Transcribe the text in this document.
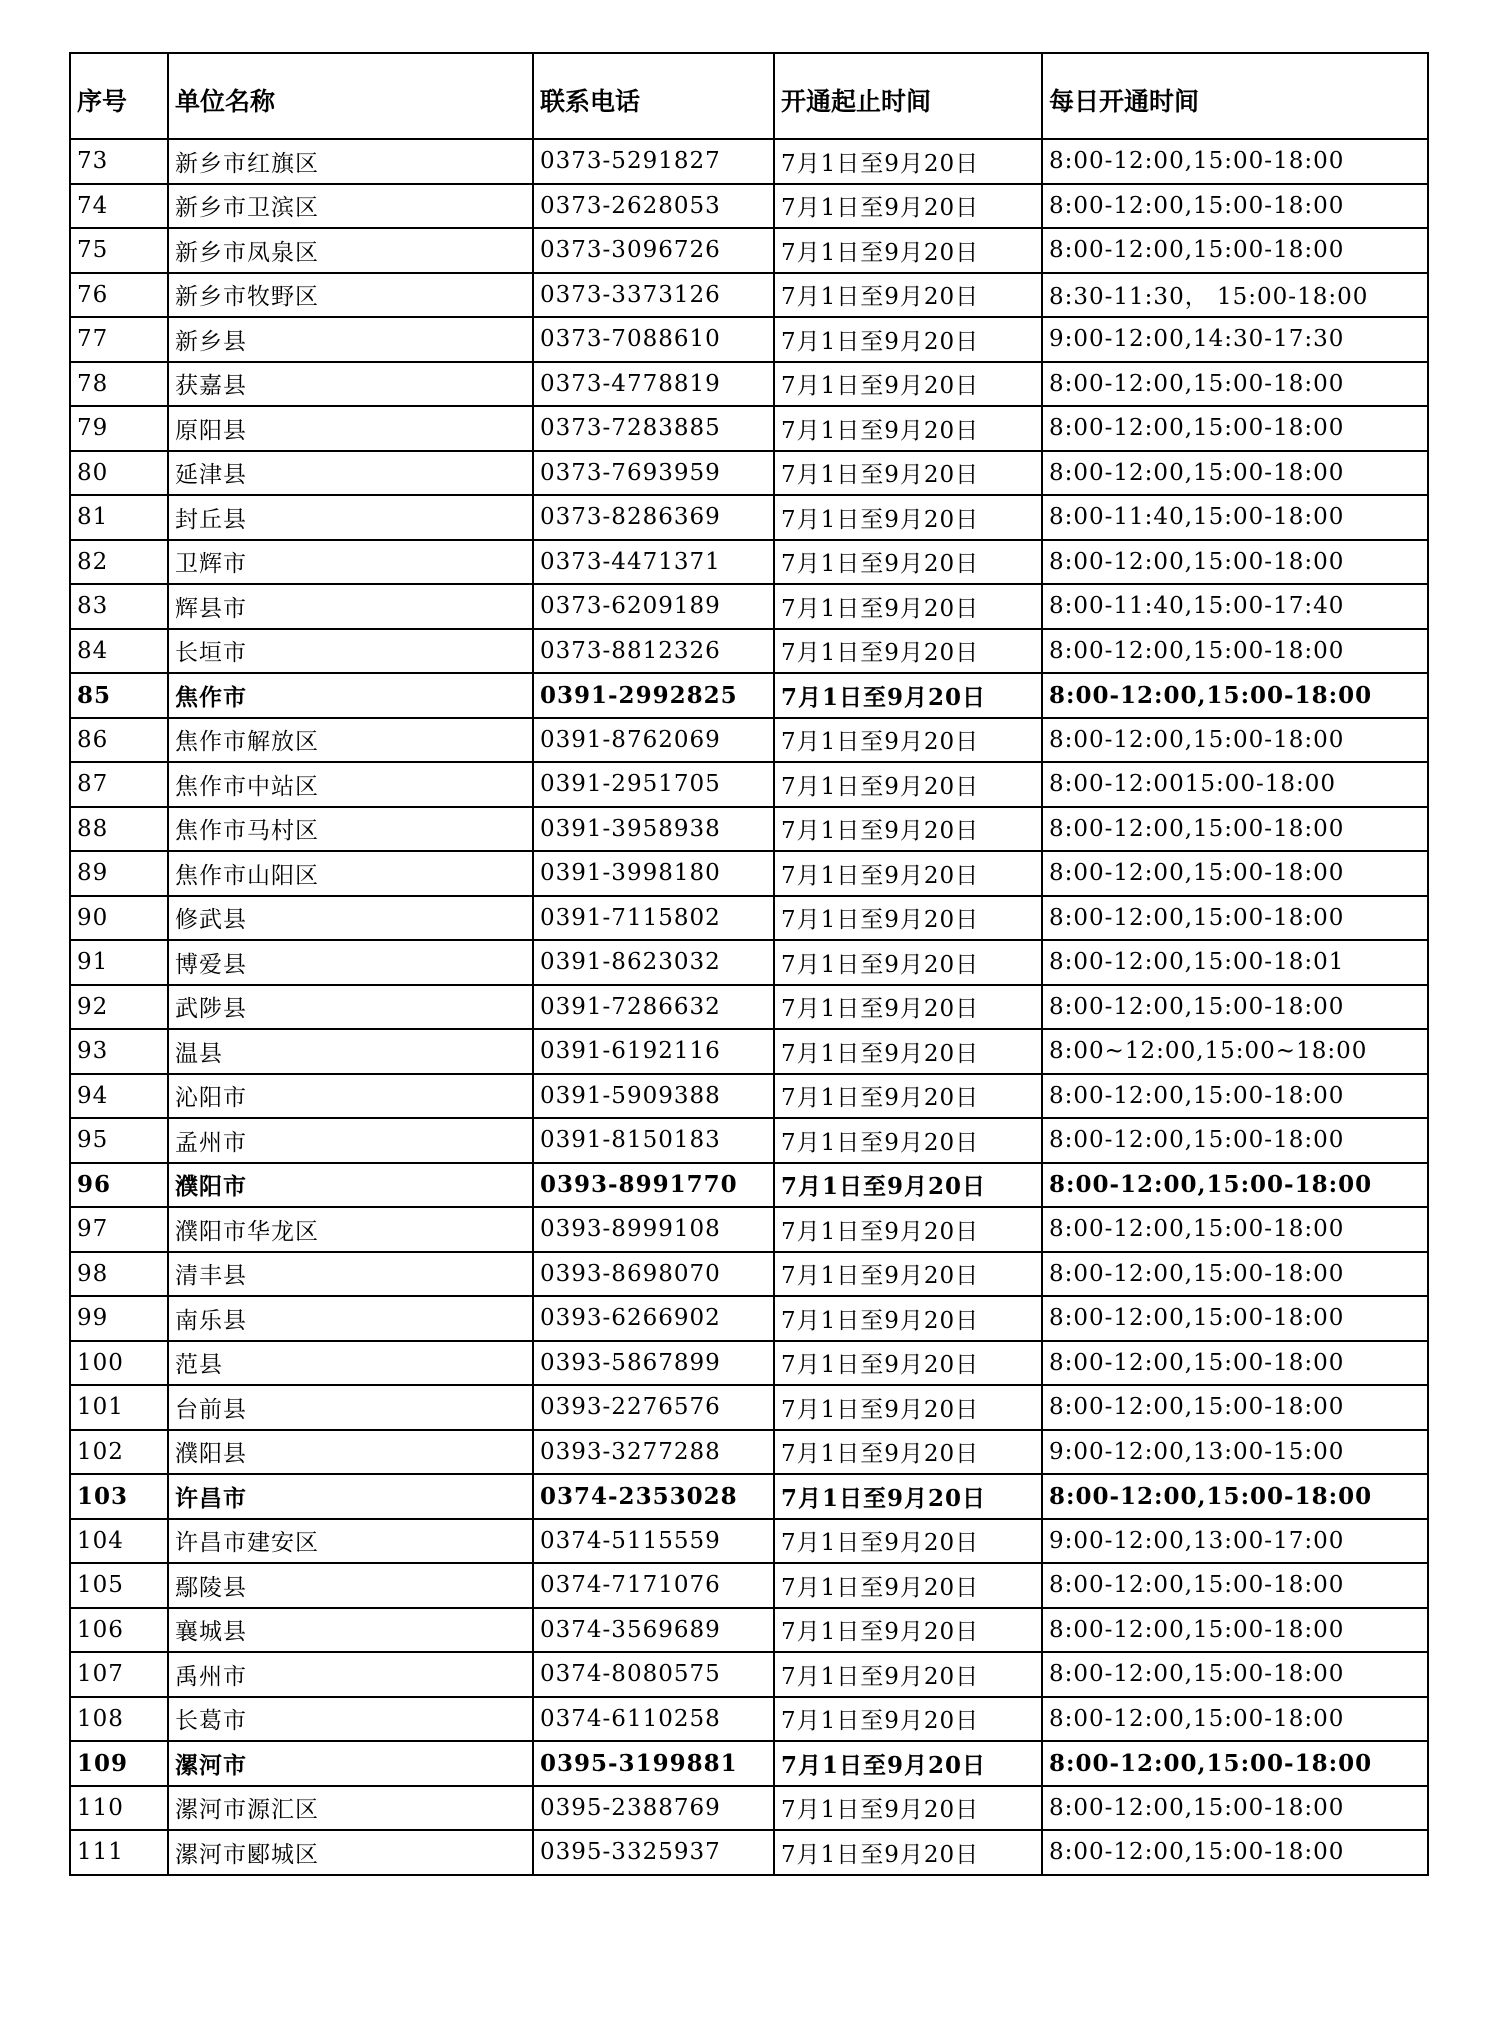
序号	单位名称	联系电话	开通起止时间	每日开通时间
73	新乡市红旗区	0373-5291827	7月1日至9月20日	8:00-12:00,15:00-18:00
74	新乡市卫滨区	0373-2628053	7月1日至9月20日	8:00-12:00,15:00-18:00
75	新乡市凤泉区	0373-3096726	7月1日至9月20日	8:00-12:00,15:00-18:00
76	新乡市牧野区	0373-3373126	7月1日至9月20日	8:30-11:30， 15:00-18:00
77	新乡县	0373-7088610	7月1日至9月20日	9:00-12:00,14:30-17:30
78	获嘉县	0373-4778819	7月1日至9月20日	8:00-12:00,15:00-18:00
79	原阳县	0373-7283885	7月1日至9月20日	8:00-12:00,15:00-18:00
80	延津县	0373-7693959	7月1日至9月20日	8:00-12:00,15:00-18:00
81	封丘县	0373-8286369	7月1日至9月20日	8:00-11:40,15:00-18:00
82	卫辉市	0373-4471371	7月1日至9月20日	8:00-12:00,15:00-18:00
83	辉县市	0373-6209189	7月1日至9月20日	8:00-11:40,15:00-17:40
84	长垣市	0373-8812326	7月1日至9月20日	8:00-12:00,15:00-18:00
85	焦作市	0391-2992825	7月1日至9月20日	8:00-12:00,15:00-18:00
86	焦作市解放区	0391-8762069	7月1日至9月20日	8:00-12:00,15:00-18:00
87	焦作市中站区	0391-2951705	7月1日至9月20日	8:00-12:0015:00-18:00
88	焦作市马村区	0391-3958938	7月1日至9月20日	8:00-12:00,15:00-18:00
89	焦作市山阳区	0391-3998180	7月1日至9月20日	8:00-12:00,15:00-18:00
90	修武县	0391-7115802	7月1日至9月20日	8:00-12:00,15:00-18:00
91	博爱县	0391-8623032	7月1日至9月20日	8:00-12:00,15:00-18:01
92	武陟县	0391-7286632	7月1日至9月20日	8:00-12:00,15:00-18:00
93	温县	0391-6192116	7月1日至9月20日	8:00~12:00,15:00~18:00
94	沁阳市	0391-5909388	7月1日至9月20日	8:00-12:00,15:00-18:00
95	孟州市	0391-8150183	7月1日至9月20日	8:00-12:00,15:00-18:00
96	濮阳市	0393-8991770	7月1日至9月20日	8:00-12:00,15:00-18:00
97	濮阳市华龙区	0393-8999108	7月1日至9月20日	8:00-12:00,15:00-18:00
98	清丰县	0393-8698070	7月1日至9月20日	8:00-12:00,15:00-18:00
99	南乐县	0393-6266902	7月1日至9月20日	8:00-12:00,15:00-18:00
100	范县	0393-5867899	7月1日至9月20日	8:00-12:00,15:00-18:00
101	台前县	0393-2276576	7月1日至9月20日	8:00-12:00,15:00-18:00
102	濮阳县	0393-3277288	7月1日至9月20日	9:00-12:00,13:00-15:00
103	许昌市	0374-2353028	7月1日至9月20日	8:00-12:00,15:00-18:00
104	许昌市建安区	0374-5115559	7月1日至9月20日	9:00-12:00,13:00-17:00
105	鄢陵县	0374-7171076	7月1日至9月20日	8:00-12:00,15:00-18:00
106	襄城县	0374-3569689	7月1日至9月20日	8:00-12:00,15:00-18:00
107	禹州市	0374-8080575	7月1日至9月20日	8:00-12:00,15:00-18:00
108	长葛市	0374-6110258	7月1日至9月20日	8:00-12:00,15:00-18:00
109	漯河市	0395-3199881	7月1日至9月20日	8:00-12:00,15:00-18:00
110	漯河市源汇区	0395-2388769	7月1日至9月20日	8:00-12:00,15:00-18:00
111	漯河市郾城区	0395-3325937	7月1日至9月20日	8:00-12:00,15:00-18:00
